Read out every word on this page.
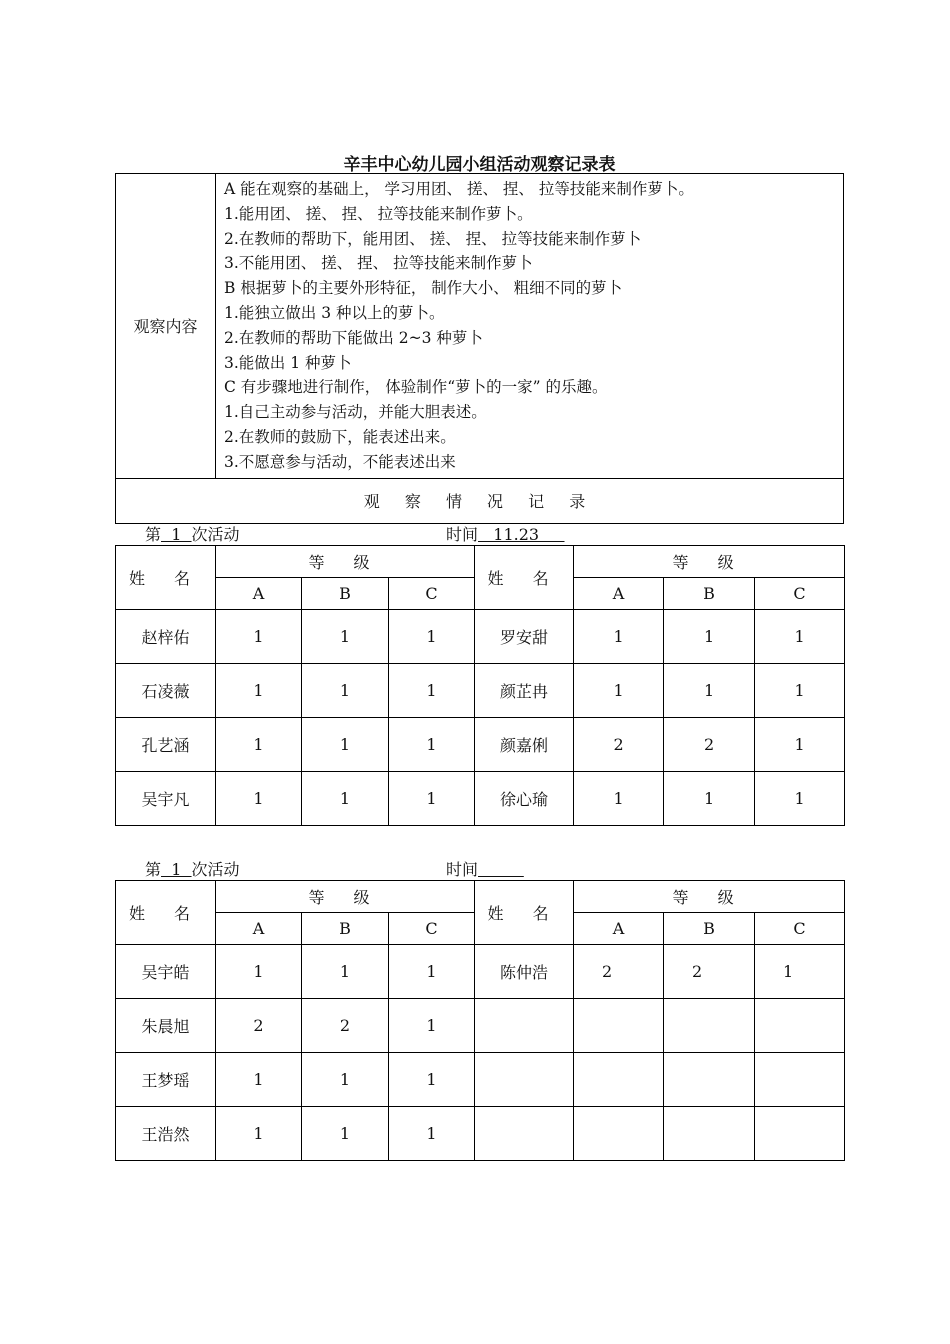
辛丰中心幼儿园小组活动观察记录表
观察内容	
A 能在观察的基础上， 学习用团、 搓、 捏、 拉等技能来制作萝卜。
1.能用团、 搓、 捏、 拉等技能来制作萝卜。
2.在教师的帮助下，能用团、 搓、 捏、 拉等技能来制作萝卜
3.不能用团、 搓、 捏、 拉等技能来制作萝卜
B 根据萝卜的主要外形特征， 制作大小、 粗细不同的萝卜
1.能独立做出 3 种以上的萝卜。
2.在教师的帮助下能做出 2~3 种萝卜
3.能做出 1 种萝卜
C 有步骤地进行制作， 体验制作“萝卜的一家” 的乐趣。
1.自己主动参与活动，并能大胆表述。
2.在教师的鼓励下，能表述出来。
3.不愿意参与活动，不能表述出来

观 察 情 况 记 录
第  1  次活动	时间   11.23
姓 名	等 级			姓 名	等 级		
	A	B	C		A	B	C
赵梓佑	1	1	1	罗安甜	1	1	1
石凌薇	1	1	1	颜芷冉	1	1	1
孔艺涵	1	1	1	颜嘉俐	2	2	1
吴宇凡	1	1	1	徐心瑜	1	1	1
第  1  次活动	时间
姓 名	等 级			姓 名	等 级		
	A	B	C		A	B	C
吴宇皓	1	1	1	陈仲浩	2	2	1
朱晨旭	2	2	1				
王梦瑶	1	1	1				
王浩然	1	1	1				
